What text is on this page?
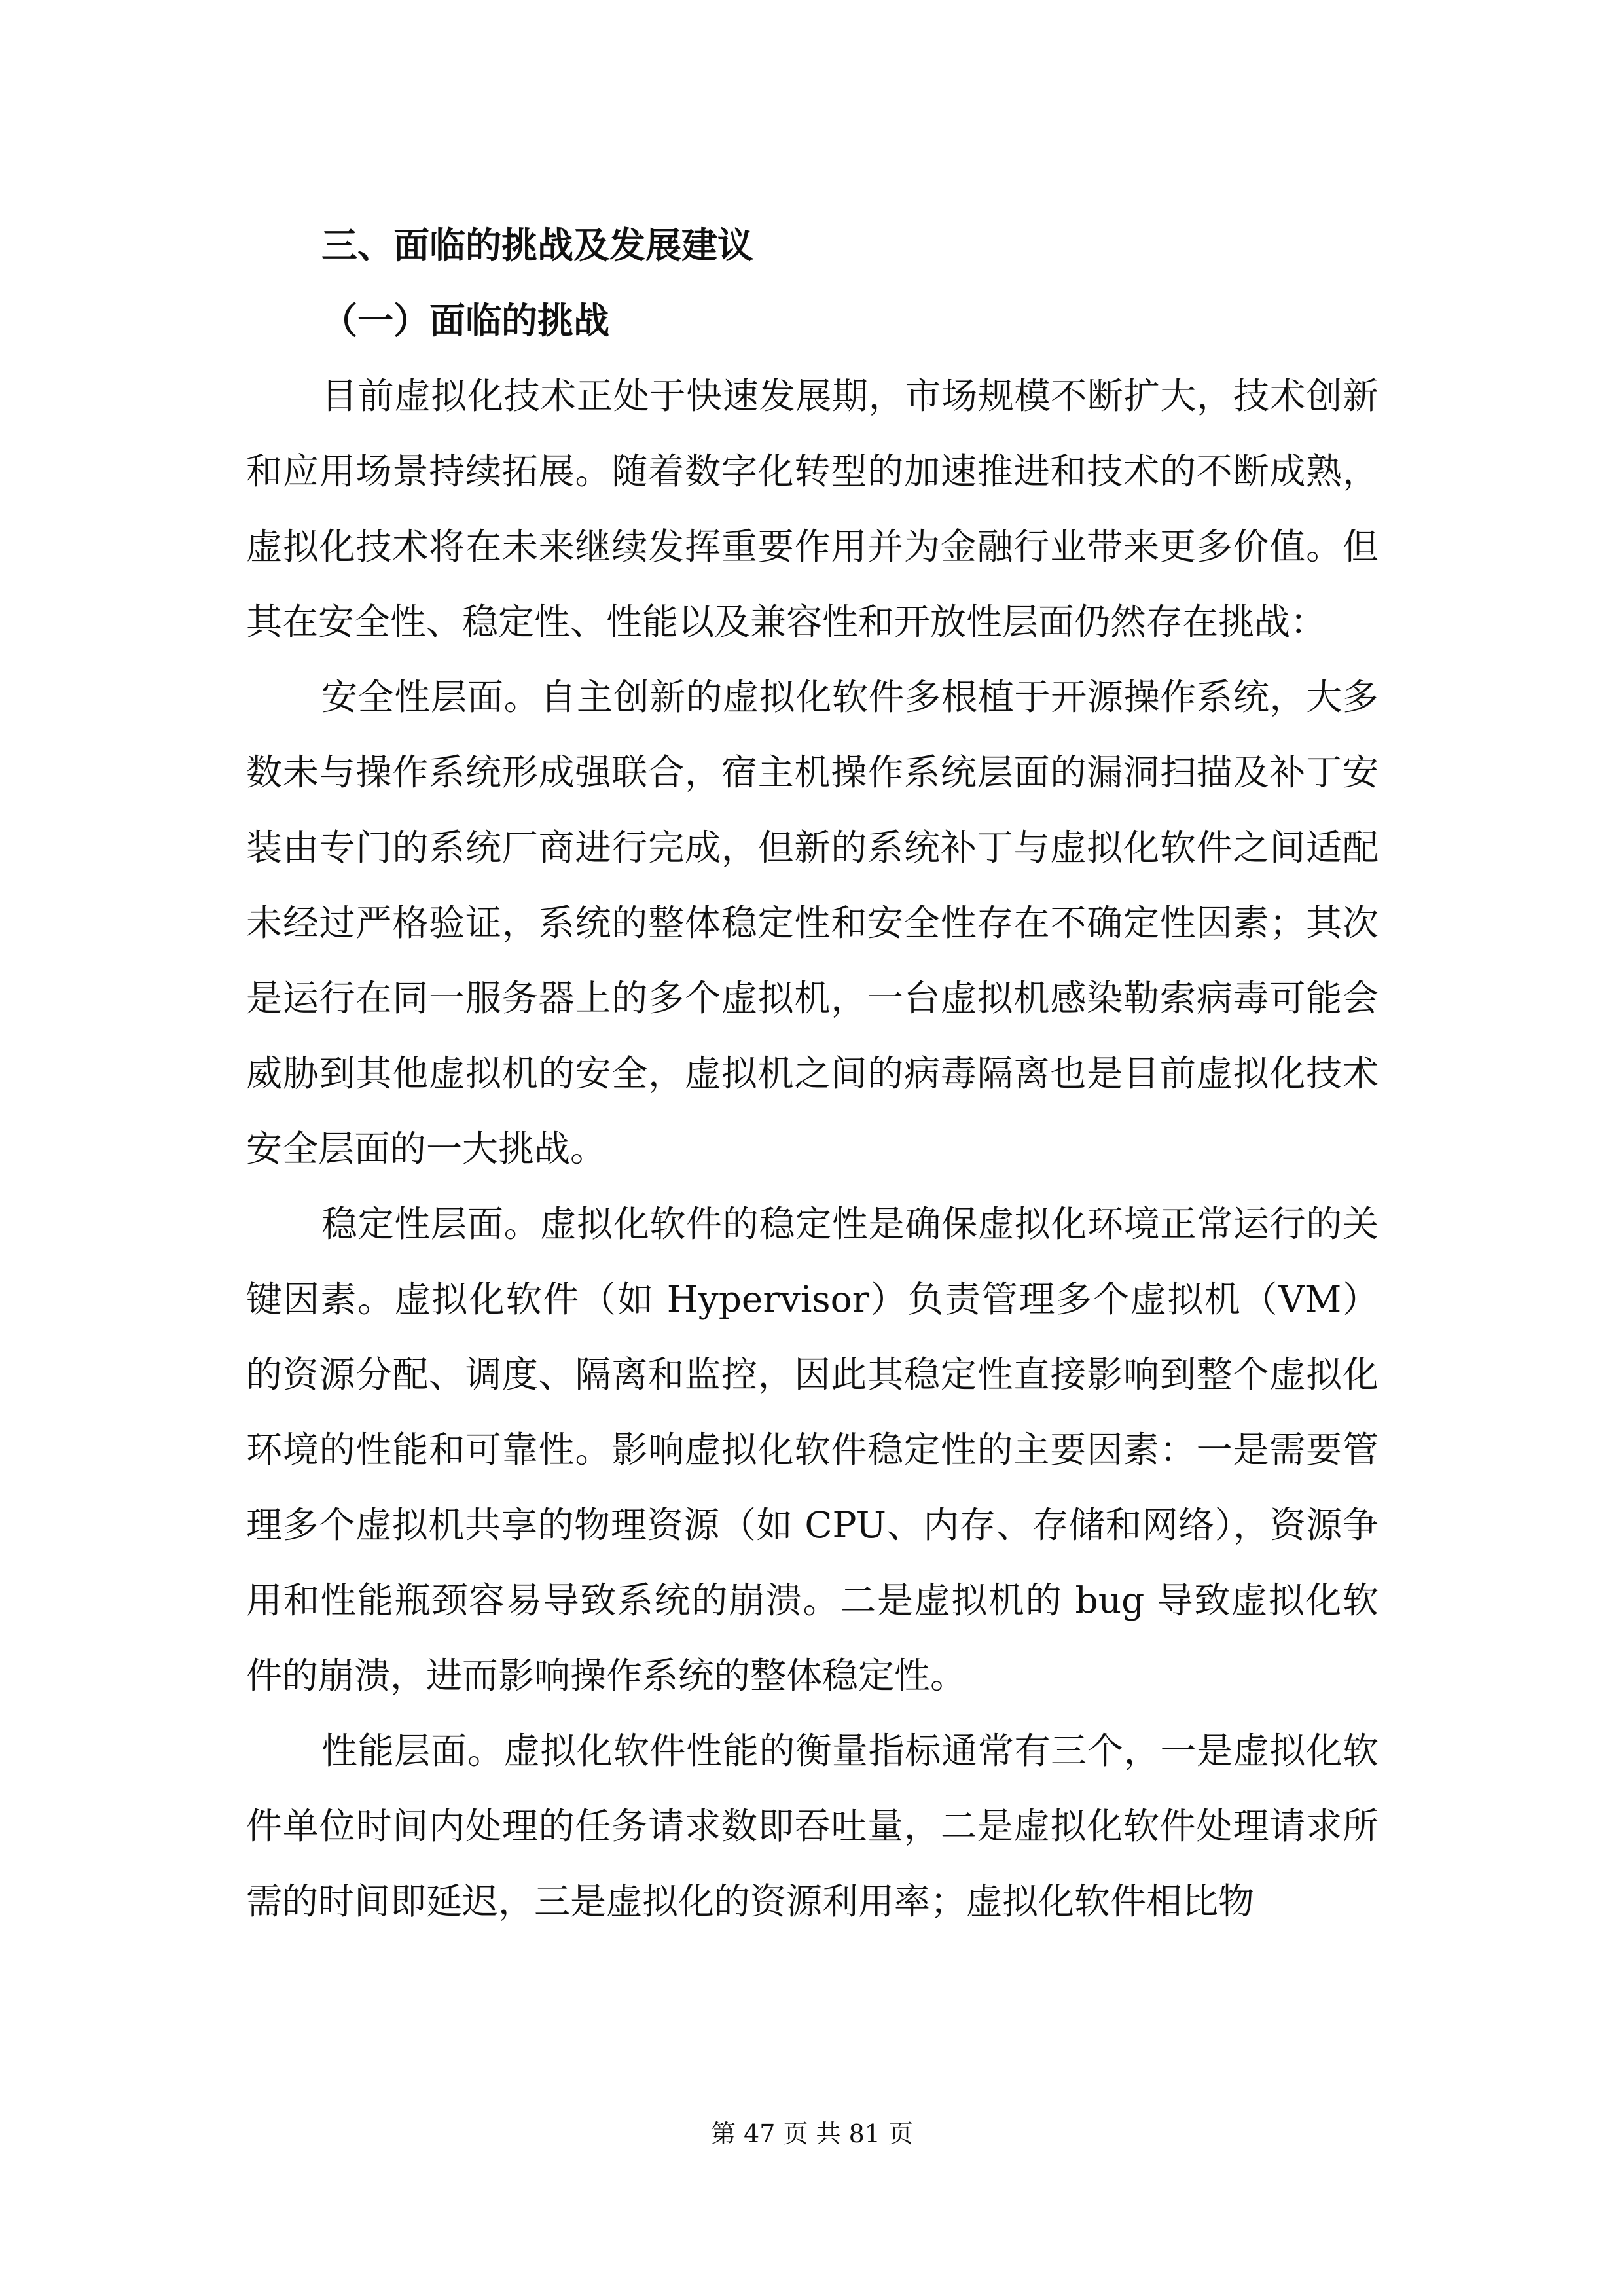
三、面临的挑战及发展建议

（一）面临的挑战

目前虚拟化技术正处于快速发展期，市场规模不断扩大，技术创新和应用场景持续拓展。随着数字化转型的加速推进和技术的不断成熟，虚拟化技术将在未来继续发挥重要作用并为金融行业带来更多价值。但其在安全性、稳定性、性能以及兼容性和开放性层面仍然存在挑战：

安全性层面。自主创新的虚拟化软件多根植于开源操作系统，大多数未与操作系统形成强联合，宿主机操作系统层面的漏洞扫描及补丁安装由专门的系统厂商进行完成，但新的系统补丁与虚拟化软件之间适配未经过严格验证，系统的整体稳定性和安全性存在不确定性因素；其次是运行在同一服务器上的多个虚拟机，一台虚拟机感染勒索病毒可能会威胁到其他虚拟机的安全，虚拟机之间的病毒隔离也是目前虚拟化技术安全层面的一大挑战。

稳定性层面。虚拟化软件的稳定性是确保虚拟化环境正常运行的关键因素。虚拟化软件（如 Hypervisor）负责管理多个虚拟机（VM）的资源分配、调度、隔离和监控，因此其稳定性直接影响到整个虚拟化环境的性能和可靠性。影响虚拟化软件稳定性的主要因素：一是需要管理多个虚拟机共享的物理资源（如 CPU、内存、存储和网络），资源争用和性能瓶颈容易导致系统的崩溃。二是虚拟机的 bug 导致虚拟化软件的崩溃，进而影响操作系统的整体稳定性。

性能层面。虚拟化软件性能的衡量指标通常有三个，一是虚拟化软件单位时间内处理的任务请求数即吞吐量，二是虚拟化软件处理请求所需的时间即延迟，三是虚拟化的资源利用率；虚拟化软件相比物

第 47 页 共 81 页
